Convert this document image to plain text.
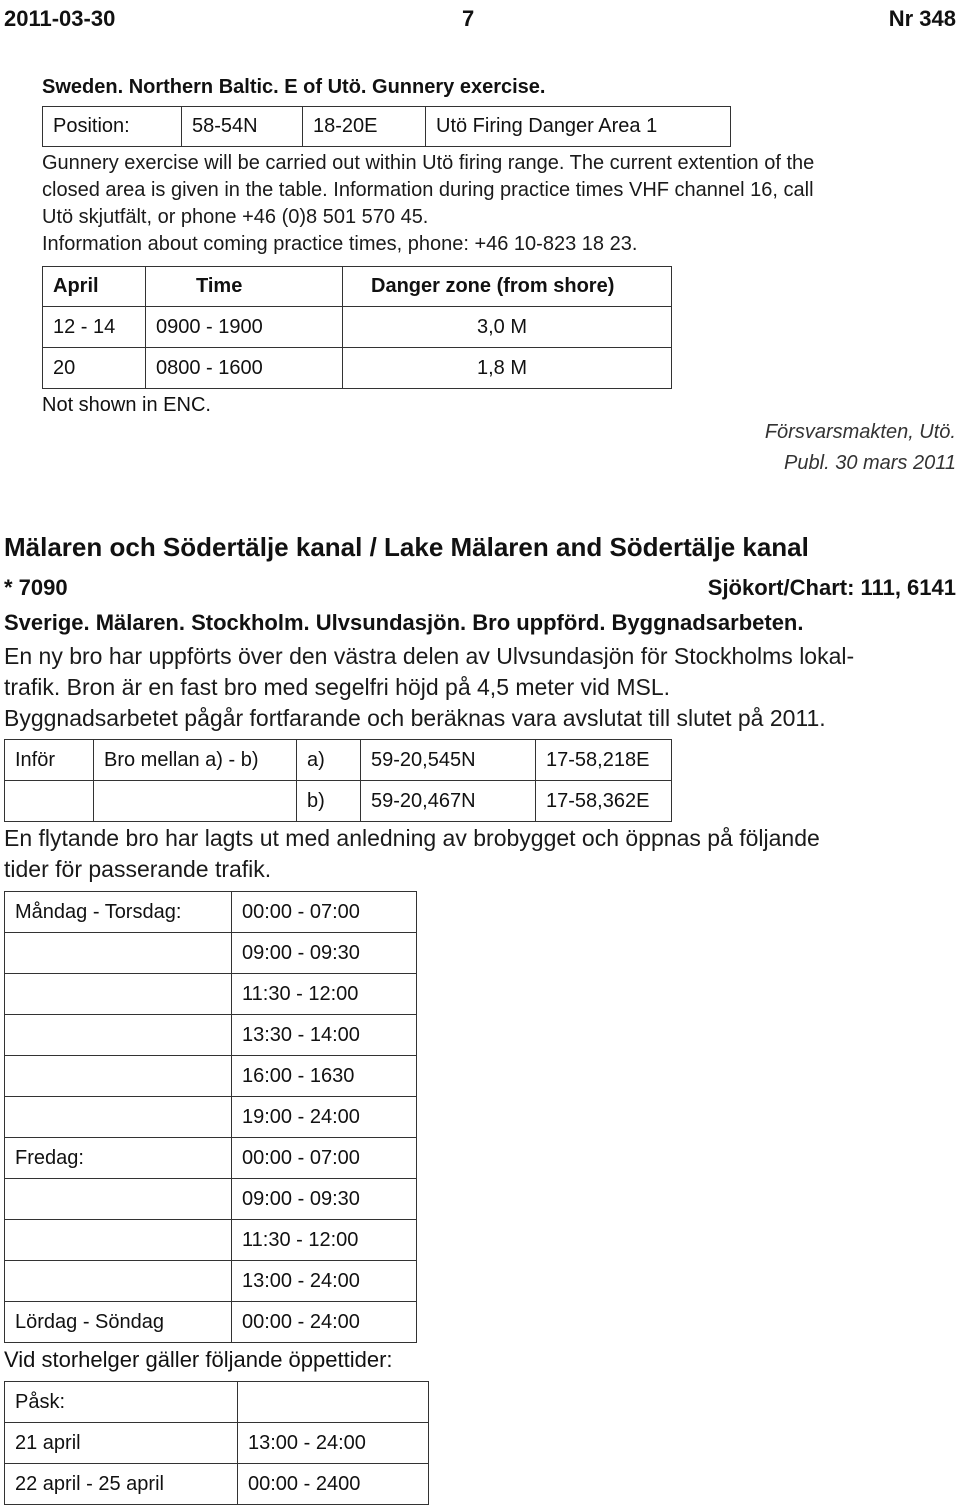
2011-03-30	7	Nr 348
Sweden. Northern Baltic. E of Utö. Gunnery exercise.
Position:	58-54N	18-20E	Utö Firing Danger Area 1
Gunnery exercise will be carried out within Utö firing range. The current extention of the
closed area is given in the table. Information during practice times VHF channel 16, call
Utö skjutfält, or phone +46 (0)8 501 570 45.
Information about coming practice times, phone: +46 10-823 18 23.
April	Time	Danger zone (from shore)
12 - 14	0900 - 1900	3,0 M
20	0800 - 1600	1,8 M
Not shown in ENC.
Försvarsmakten, Utö.
Publ. 30 mars 2011
Mälaren och Södertälje kanal / Lake Mälaren and Södertälje kanal
* 7090	Sjökort/Chart: 111, 6141
Sverige. Mälaren. Stockholm. Ulvsundasjön. Bro uppförd. Byggnadsarbeten.
En ny bro har uppförts över den västra delen av Ulvsundasjön för Stockholms lokal-
trafik. Bron är en fast bro med segelfri höjd på 4,5 meter vid MSL.
Byggnadsarbetet pågår fortfarande och beräknas vara avslutat till slutet på 2011.
Inför	Bro mellan a) - b)	a)	59-20,545N	17-58,218E
		b)	59-20,467N	17-58,362E
En flytande bro har lagts ut med anledning av brobygget och öppnas på följande
tider för passerande trafik.
Måndag - Torsdag:	00:00 - 07:00
	09:00 - 09:30
	11:30 - 12:00
	13:30 - 14:00
	16:00 - 1630
	19:00 - 24:00
Fredag:	00:00 - 07:00
	09:00 - 09:30
	11:30 - 12:00
	13:00 - 24:00
Lördag - Söndag	00:00 - 24:00
Vid storhelger gäller följande öppettider:
Påsk:	
21 april	13:00 - 24:00
22 april - 25 april	00:00 - 2400
